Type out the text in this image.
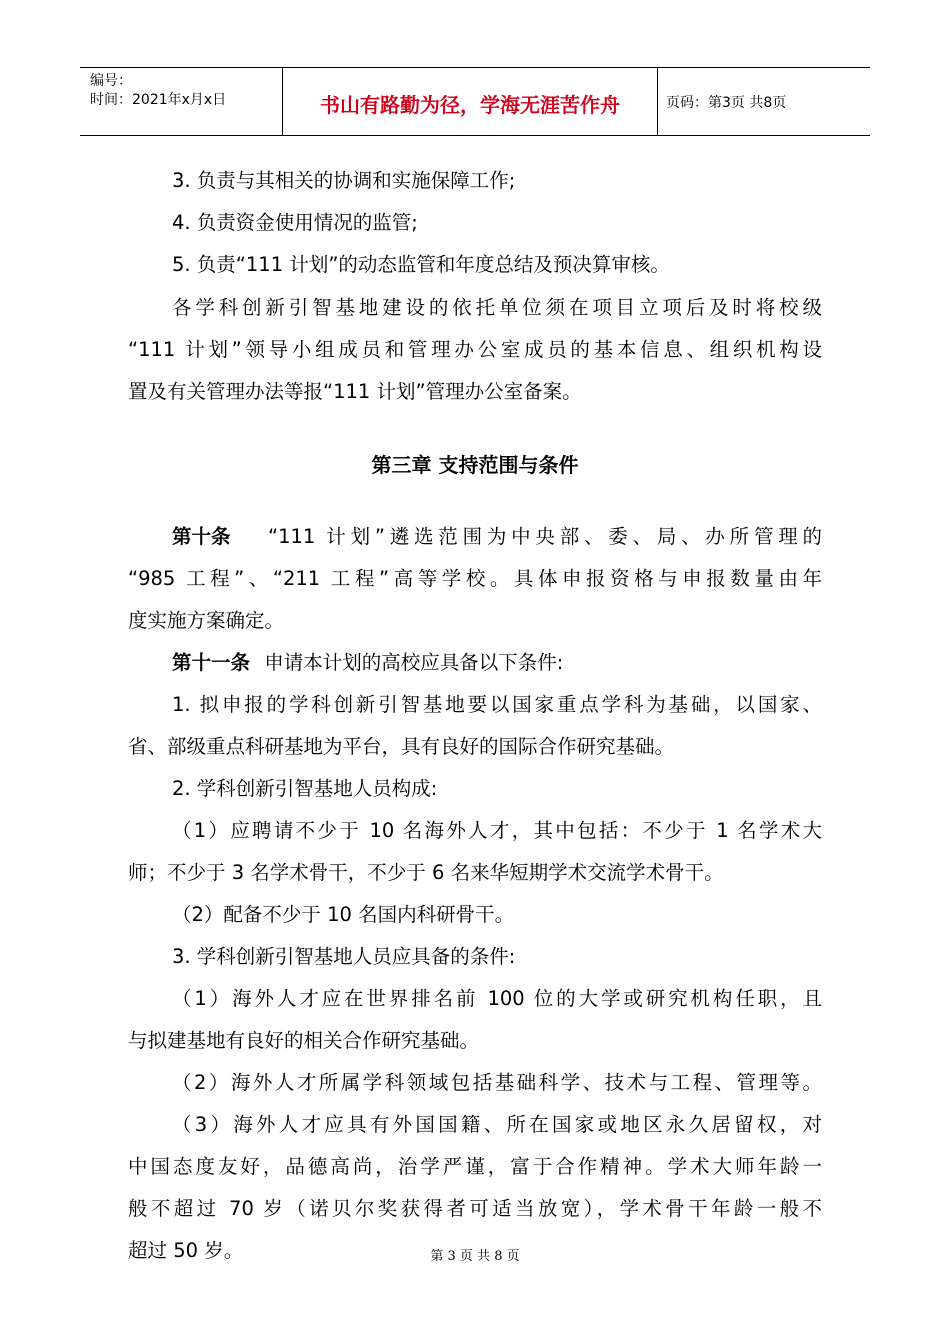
编号：
时间：2021年x月x日	书山有路勤为径，学海无涯苦作舟	页码：第3页 共8页
3. 负责与其相关的协调和实施保障工作;
4. 负责资金使用情况的监管;
5. 负责“111 计划”的动态监管和年度总结及预决算审核。
各学科创新引智基地建设的依托单位须在项目立项后及时将校级
“111 计划”领导小组成员和管理办公室成员的基本信息、组织机构设
置及有关管理办法等报“111 计划”管理办公室备案。
第三章 支持范围与条件
第十条 “111 计划”遴选范围为中央部、委、局、办所管理的
“985 工程”、“211 工程”高等学校。具体申报资格与申报数量由年
度实施方案确定。
第十一条 申请本计划的高校应具备以下条件:
1. 拟申报的学科创新引智基地要以国家重点学科为基础，以国家、
省、部级重点科研基地为平台，具有良好的国际合作研究基础。
2. 学科创新引智基地人员构成:
（1）应聘请不少于 10 名海外人才，其中包括：不少于 1 名学术大
师；不少于 3 名学术骨干，不少于 6 名来华短期学术交流学术骨干。
（2）配备不少于 10 名国内科研骨干。
3. 学科创新引智基地人员应具备的条件:
（1）海外人才应在世界排名前 100 位的大学或研究机构任职，且
与拟建基地有良好的相关合作研究基础。
（2）海外人才所属学科领域包括基础科学、技术与工程、管理等。
（3）海外人才应具有外国国籍、所在国家或地区永久居留权，对
中国态度友好，品德高尚，治学严谨，富于合作精神。学术大师年龄一
般不超过 70 岁（诺贝尔奖获得者可适当放宽），学术骨干年龄一般不
超过 50 岁。	第 3 页 共 8 页
